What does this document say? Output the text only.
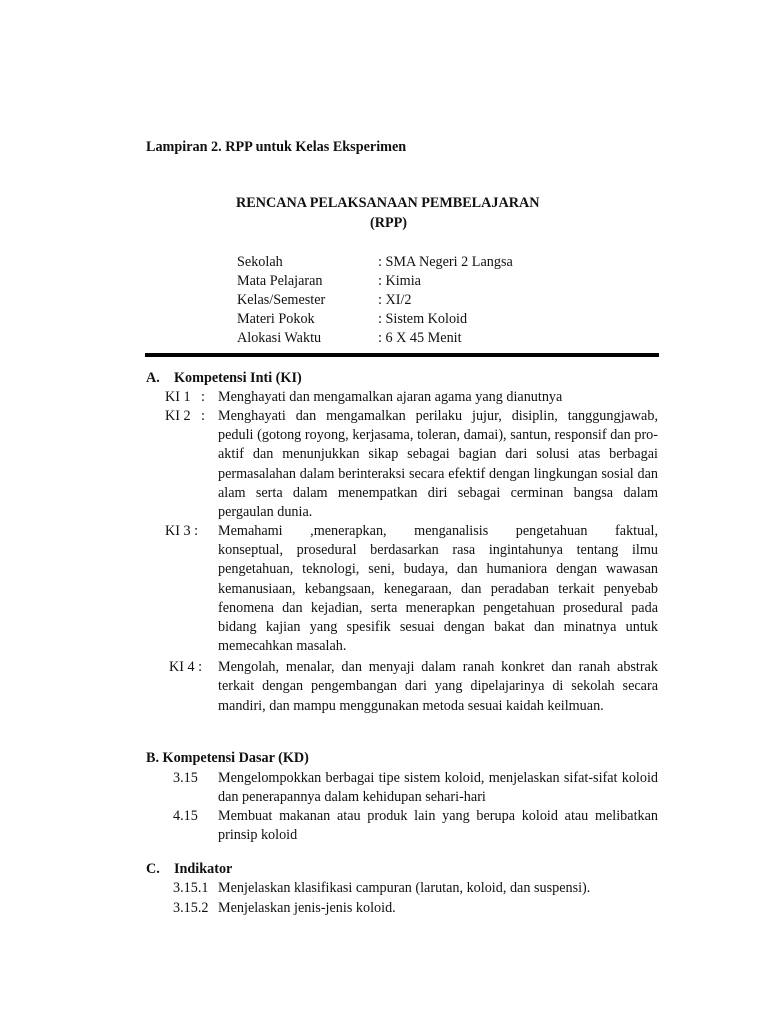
Lampiran 2. RPP untuk Kelas Eksperimen

RENCANA PELAKSANAAN PEMBELAJARAN

(RPP)

Sekolah	: SMA Negeri 2 Langsa

Mata Pelajaran	: Kimia

Kelas/Semester	: XI/2

Materi Pokok	: Sistem Koloid

Alokasi Waktu	: 6 X 45 Menit

A. Kompetensi Inti (KI)

KI 1 : Menghayati dan mengamalkan ajaran agama yang dianutnya

KI 2 : Menghayati dan mengamalkan perilaku jujur, disiplin, tanggungjawab,

peduli (gotong royong, kerjasama, toleran, damai), santun, responsif dan pro-aktif dan menunjukkan sikap sebagai bagian dari solusi atas berbagai permasalahan dalam berinteraksi secara efektif dengan lingkungan sosial dan alam serta dalam menempatkan diri sebagai cerminan bangsa dalam pergaulan dunia.

KI 3 : Memahami ,menerapkan, menganalisis pengetahuan faktual,

konseptual, prosedural berdasarkan rasa ingintahunya tentang ilmu pengetahuan, teknologi, seni, budaya, dan humaniora dengan wawasan kemanusiaan, kebangsaan, kenegaraan, dan peradaban terkait penyebab fenomena dan kejadian, serta menerapkan pengetahuan prosedural pada bidang kajian yang spesifik sesuai dengan bakat dan minatnya untuk memecahkan masalah.

KI 4 : Mengolah, menalar, dan menyaji dalam ranah konkret dan ranah abstrak terkait dengan pengembangan dari yang dipelajarinya di sekolah secara mandiri, dan mampu menggunakan metoda sesuai kaidah keilmuan.

B. Kompetensi Dasar (KD)

3.15 Mengelompokkan berbagai tipe sistem koloid, menjelaskan sifat-sifat koloid dan penerapannya dalam kehidupan sehari-hari

4.15 Membuat makanan atau produk lain yang berupa koloid atau melibatkan prinsip koloid

C. Indikator

3.15.1 Menjelaskan klasifikasi campuran (larutan, koloid, dan suspensi).

3.15.2 Menjelaskan jenis-jenis koloid.
